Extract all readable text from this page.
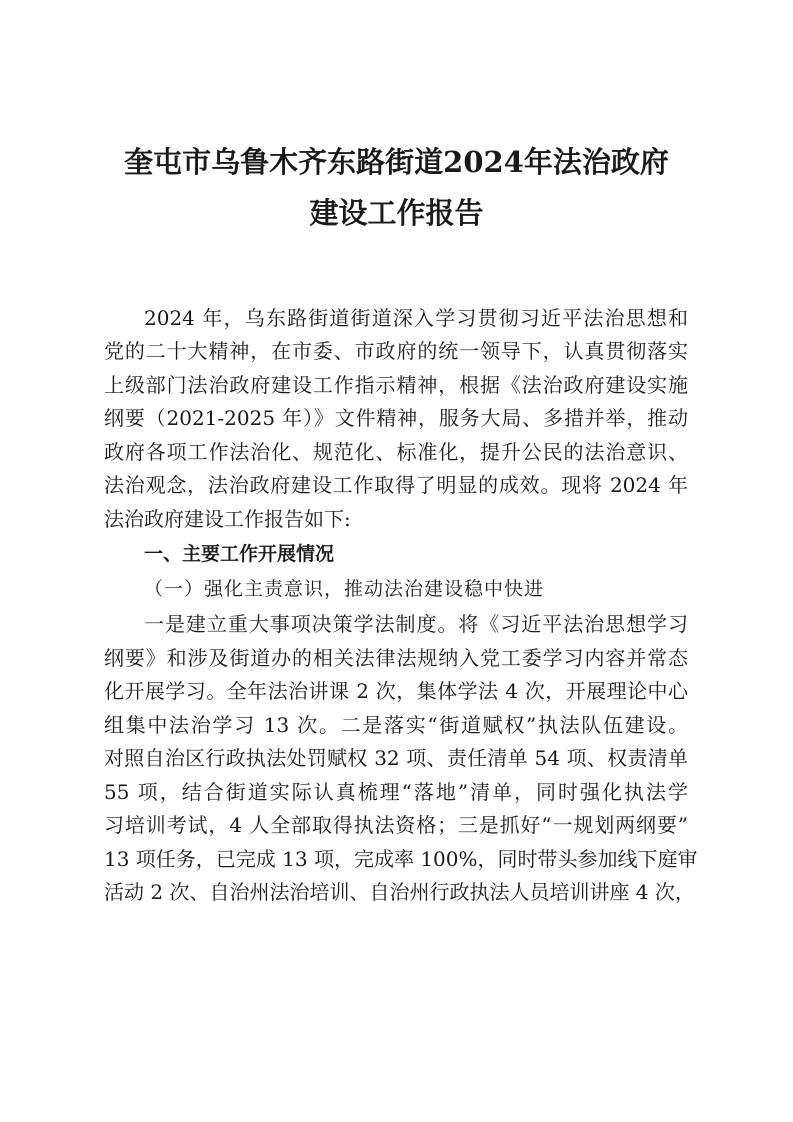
奎屯市乌鲁木齐东路街道2024年法治政府
建设工作报告
2024 年，乌东路街道街道深入学习贯彻习近平法治思想和
党的二十大精神，在市委、市政府的统一领导下，认真贯彻落实
上级部门法治政府建设工作指示精神，根据《法治政府建设实施
纲要（2021-2025 年）》文件精神，服务大局、多措并举，推动
政府各项工作法治化、规范化、标准化，提升公民的法治意识、
法治观念，法治政府建设工作取得了明显的成效。现将 2024 年
法治政府建设工作报告如下:
一、主要工作开展情况
（一）强化主责意识，推动法治建设稳中快进
一是建立重大事项决策学法制度。将《习近平法治思想学习
纲要》和涉及街道办的相关法律法规纳入党工委学习内容并常态
化开展学习。全年法治讲课 2 次，集体学法 4 次，开展理论中心
组集中法治学习 13 次。二是落实“街道赋权”执法队伍建设。
对照自治区行政执法处罚赋权 32 项、责任清单 54 项、权责清单
55 项，结合街道实际认真梳理“落地”清单，同时强化执法学
习培训考试，4 人全部取得执法资格；三是抓好“一规划两纲要”
13 项任务，已完成 13 项，完成率 100%，同时带头参加线下庭审
活动 2 次、自治州法治培训、自治州行政执法人员培训讲座 4 次，
